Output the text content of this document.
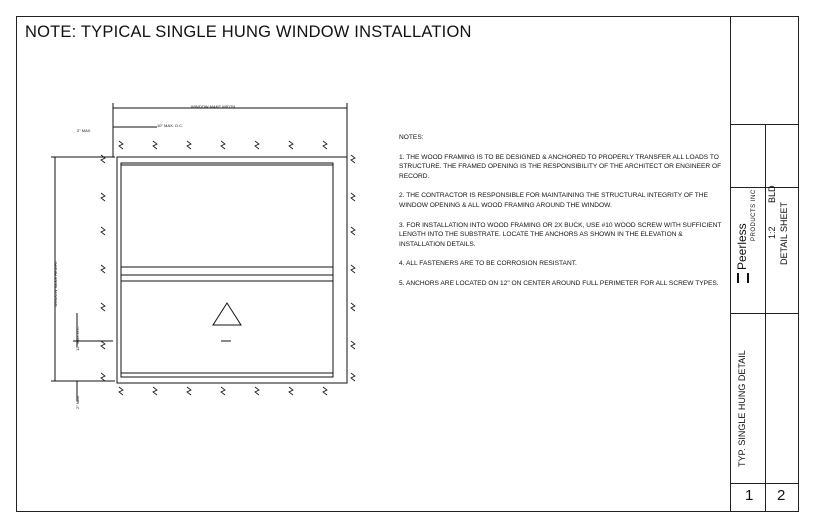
NOTE: TYPICAL SINGLE HUNG WINDOW INSTALLATION
WINDOW MAKE WIDTH
2" MAX
10" MAX. O.C.
WINDOW MAKE HEIGHT
12" MAX O.C.
2" MAX
NOTES:

1. THE WOOD FRAMING IS TO BE DESIGNED & ANCHORED TO PROPERLY TRANSFER ALL LOADS TO STRUCTURE. THE FRAMED OPENING IS THE RESPONSIBILITY OF THE ARCHITECT OR ENGINEER OF RECORD.

2. THE CONTRACTOR IS RESPONSIBLE FOR MAINTAINING THE STRUCTURAL INTEGRITY OF THE WINDOW OPENING & ALL WOOD FRAMING AROUND THE WINDOW.

3. FOR INSTALLATION INTO WOOD FRAMING OR 2X BUCK, USE #10 WOOD SCREW WITH SUFFICIENT LENGTH INTO THE SUBSTRATE. LOCATE THE ANCHORS AS SHOWN IN THE ELEVATION & INSTALLATION DETAILS.

4. ALL FASTENERS ARE TO BE CORROSION RESISTANT.

5. ANCHORS ARE LOCATED ON 12" ON CENTER AROUND FULL PERIMETER FOR ALL SCREW TYPES.

Peerless
PRODUCTS INC 1:2
BLD
DETAIL SHEET
TYP. SINGLE HUNG DETAIL
1 2
